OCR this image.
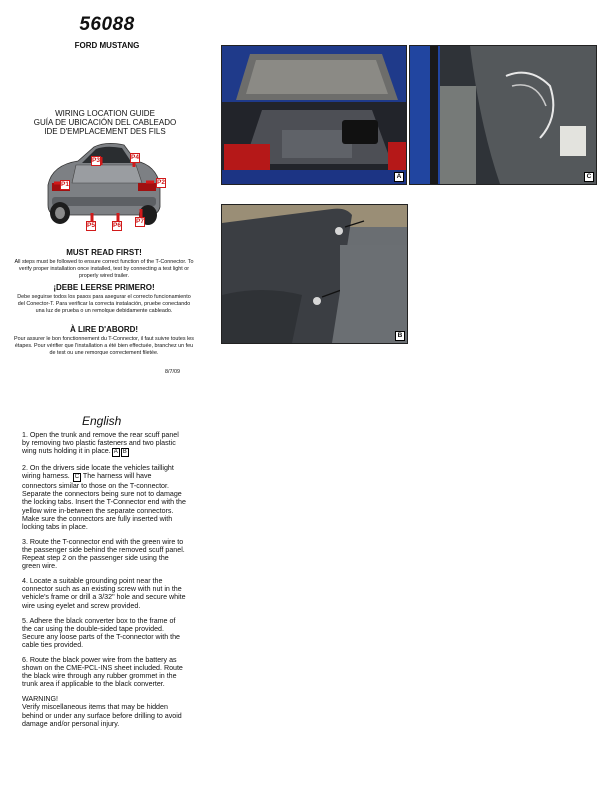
56088
FORD MUSTANG
WIRING LOCATION GUIDE
GUÍA DE UBICACIÓN DEL CABLEADO
IDE D'EMPLACEMENT DES FILS
P1
P3	P4
P2
P5	P6
P7
MUST READ FIRST!

All steps must be followed to ensure correct function of the T-Connector. To verify proper installation once installed, test by connecting a test light or properly wired trailer.

¡DEBE LEERSE PRIMERO!

Debe seguirse todos los pasos para asegurar el correcto funcionamiento del Conector-T. Para verificar la correcta instalación, pruebe conectando una luz de prueba o un remolque debidamente cableado.

À LIRE D'ABORD!

Pour assurer le bon fonctionnement du T-Connector, il faut suivre toutes les étapes. Pour vérifier que l'installation a été bien effectuée, branchez un feu de test ou une remorque correctement filetée.

8/7/09
A	C
B
English

1. Open the trunk and remove the rear scuff panel by removing two plastic fasteners and two plastic wing nuts holding it in place. A B

2. On the drivers side locate the vehicles taillight wiring harness. C The harness will have connectors similar to those on the T-connector. Separate the connectors being sure not to damage the locking tabs. Insert the T-Connector end with the yellow wire in-between the separate connectors. Make sure the connectors are fully inserted with locking tabs in place.

3. Route the T-connector end with the green wire to the passenger side behind the removed scuff panel. Repeat step 2 on the passenger side using the green wire.

4. Locate a suitable grounding point near the connector such as an existing screw with nut in the vehicle's frame or drill a 3/32" hole and secure white wire using eyelet and screw provided.

5. Adhere the black converter box to the frame of the car using the double-sided tape provided. Secure any loose parts of the T-connector with the cable ties provided.

6. Route the black power wire from the battery as shown on the CME-PCL-INS sheet included. Route the black wire through any rubber grommet in the trunk area if applicable to the black converter.

WARNING!
Verify miscellaneous items that may be hidden behind or under any surface before drilling to avoid damage and/or personal injury.
